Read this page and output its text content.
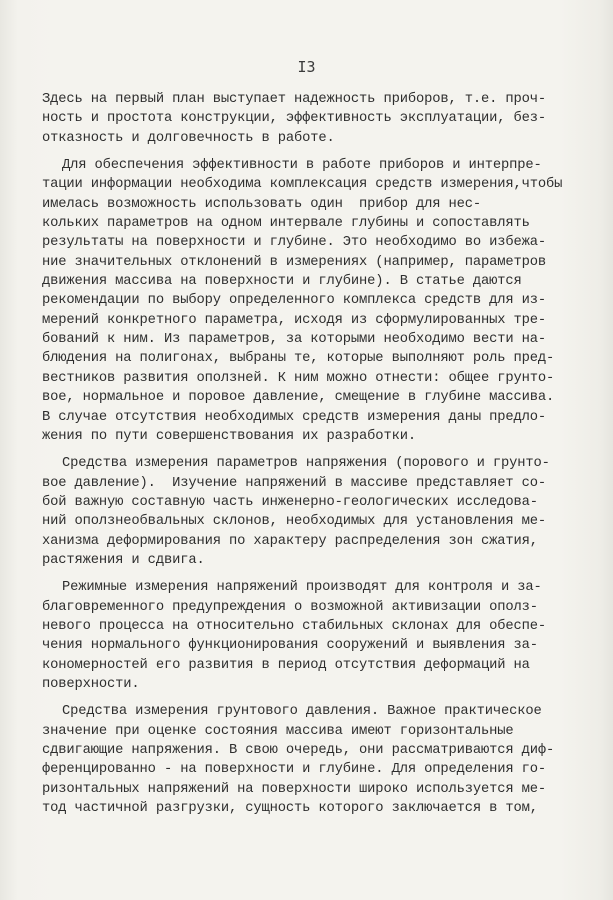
I3
Здесь на первый план выступает надежность приборов, т.е. проч-
ность и простота конструкции, эффективность эксплуатации, без-
отказность и долговечность в работе.
Для обеспечения эффективности в работе приборов и интерпре-
тации информации необходима комплексация средств измерения,чтобы
имелась возможность использовать один  прибор для нес-
кольких параметров на одном интервале глубины и сопоставлять
результаты на поверхности и глубине. Это необходимо во избежа-
ние значительных отклонений в измерениях (например, параметров
движения массива на поверхности и глубине). В статье даются
рекомендации по выбору определенного комплекса средств для из-
мерений конкретного параметра, исходя из сформулированных тре-
бований к ним. Из параметров, за которыми необходимо вести на-
блюдения на полигонах, выбраны те, которые выполняют роль пред-
вестников развития оползней. К ним можно отнести: общее грунто-
вое, нормальное и поровое давление, смещение в глубине массива.
В случае отсутствия необходимых средств измерения даны предло-
жения по пути совершенствования их разработки.
Средства измерения параметров напряжения (порового и грунто-
вое давление).  Изучение напряжений в массиве представляет со-
бой важную составную часть инженерно-геологических исследова-
ний оползнеобвальных склонов, необходимых для установления ме-
ханизма деформирования по характеру распределения зон сжатия,
растяжения и сдвига.
Режимные измерения напряжений производят для контроля и за-
благовременного предупреждения о возможной активизации ополз-
невого процесса на относительно стабильных склонах для обеспе-
чения нормального функционирования сооружений и выявления за-
кономерностей его развития в период отсутствия деформаций на
поверхности.
Средства измерения грунтового давления. Важное практическое
значение при оценке состояния массива имеют горизонтальные
сдвигающие напряжения. В свою очередь, они рассматриваются диф-
ференцированно - на поверхности и глубине. Для определения го-
ризонтальных напряжений на поверхности широко используется ме-
тод частичной разгрузки, сущность которого заключается в том,
